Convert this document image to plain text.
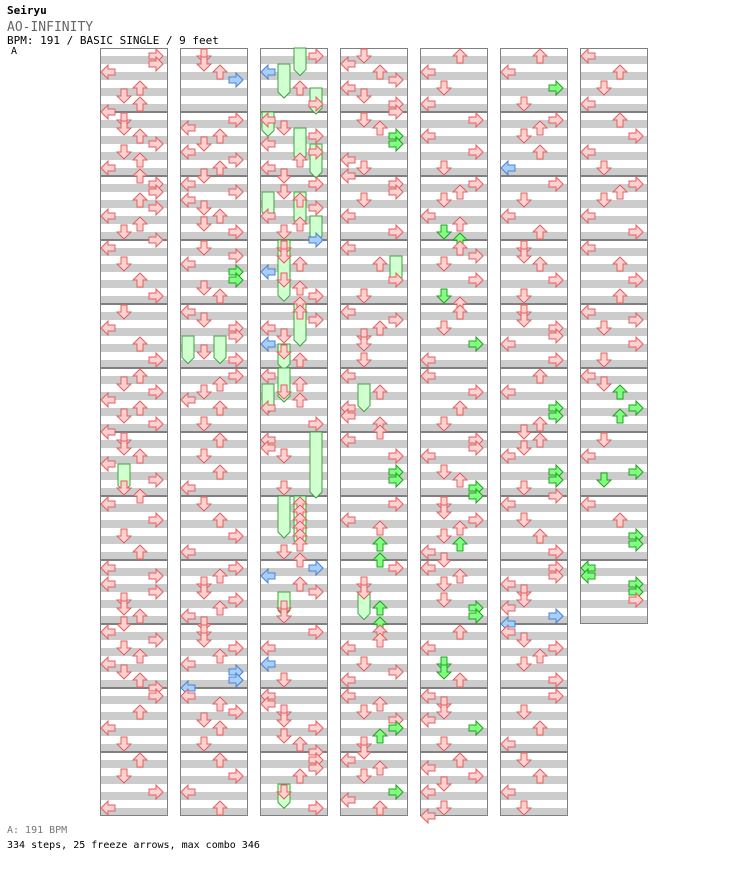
Seiryu
AO-INFINITY
BPM: 191 / BASIC SINGLE / 9 feet
A
A: 191 BPM
334 steps, 25 freeze arrows, max combo 346
